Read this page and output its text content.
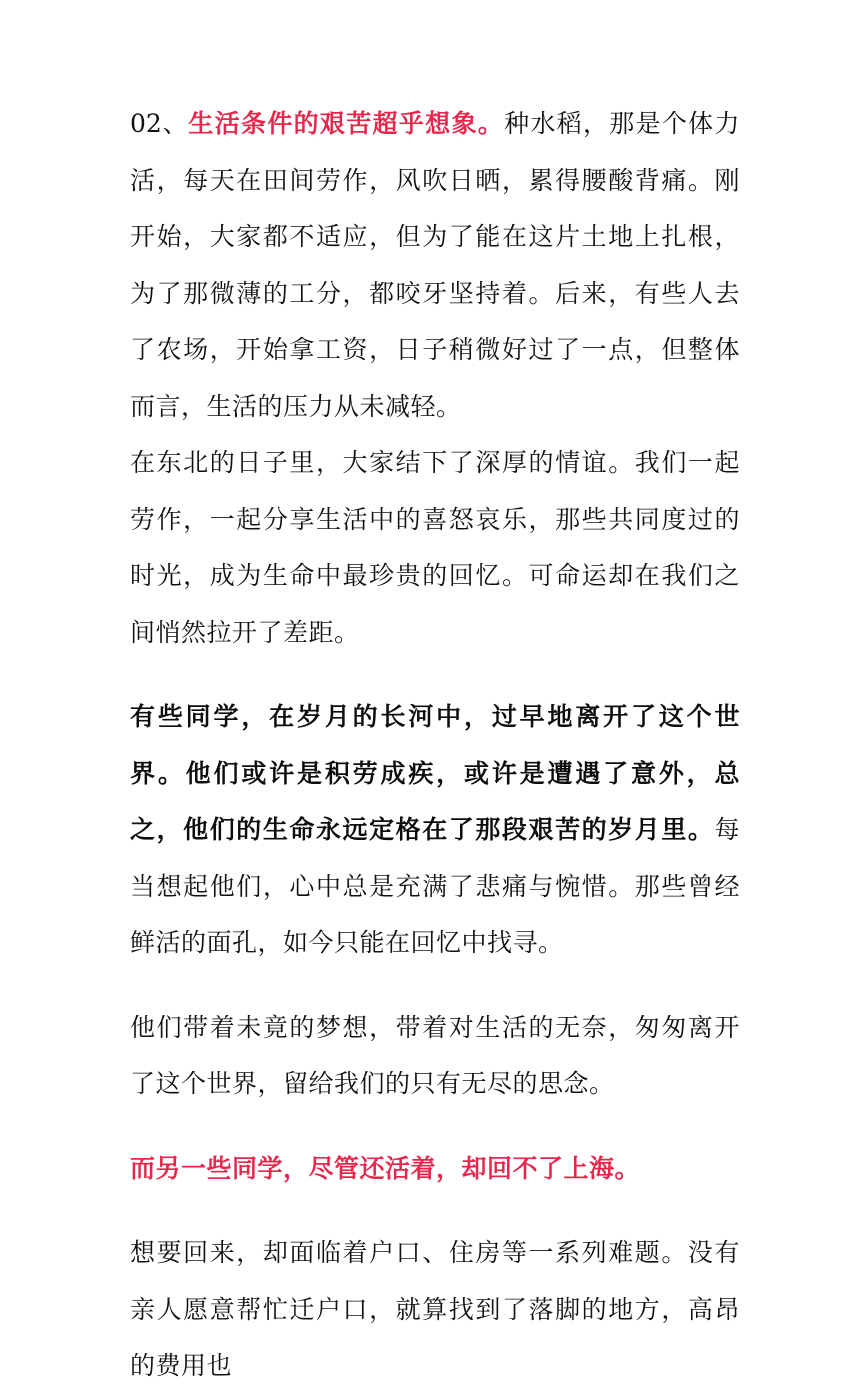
02、生活条件的艰苦超乎想象。种水稻，那是个体力活，每天在田间劳作，风吹日晒，累得腰酸背痛。刚开始，大家都不适应，但为了能在这片土地上扎根，为了那微薄的工分，都咬牙坚持着。后来，有些人去了农场，开始拿工资，日子稍微好过了一点，但整体而言，生活的压力从未减轻。

在东北的日子里，大家结下了深厚的情谊。我们一起劳作，一起分享生活中的喜怒哀乐，那些共同度过的时光，成为生命中最珍贵的回忆。可命运却在我们之间悄然拉开了差距。

有些同学，在岁月的长河中，过早地离开了这个世界。他们或许是积劳成疾，或许是遭遇了意外，总之，他们的生命永远定格在了那段艰苦的岁月里。每当想起他们，心中总是充满了悲痛与惋惜。那些曾经鲜活的面孔，如今只能在回忆中找寻。

他们带着未竟的梦想，带着对生活的无奈，匆匆离开了这个世界，留给我们的只有无尽的思念。

而另一些同学，尽管还活着，却回不了上海。

想要回来，却面临着户口、住房等一系列难题。没有亲人愿意帮忙迁户口，就算找到了落脚的地方，高昂的费用也
